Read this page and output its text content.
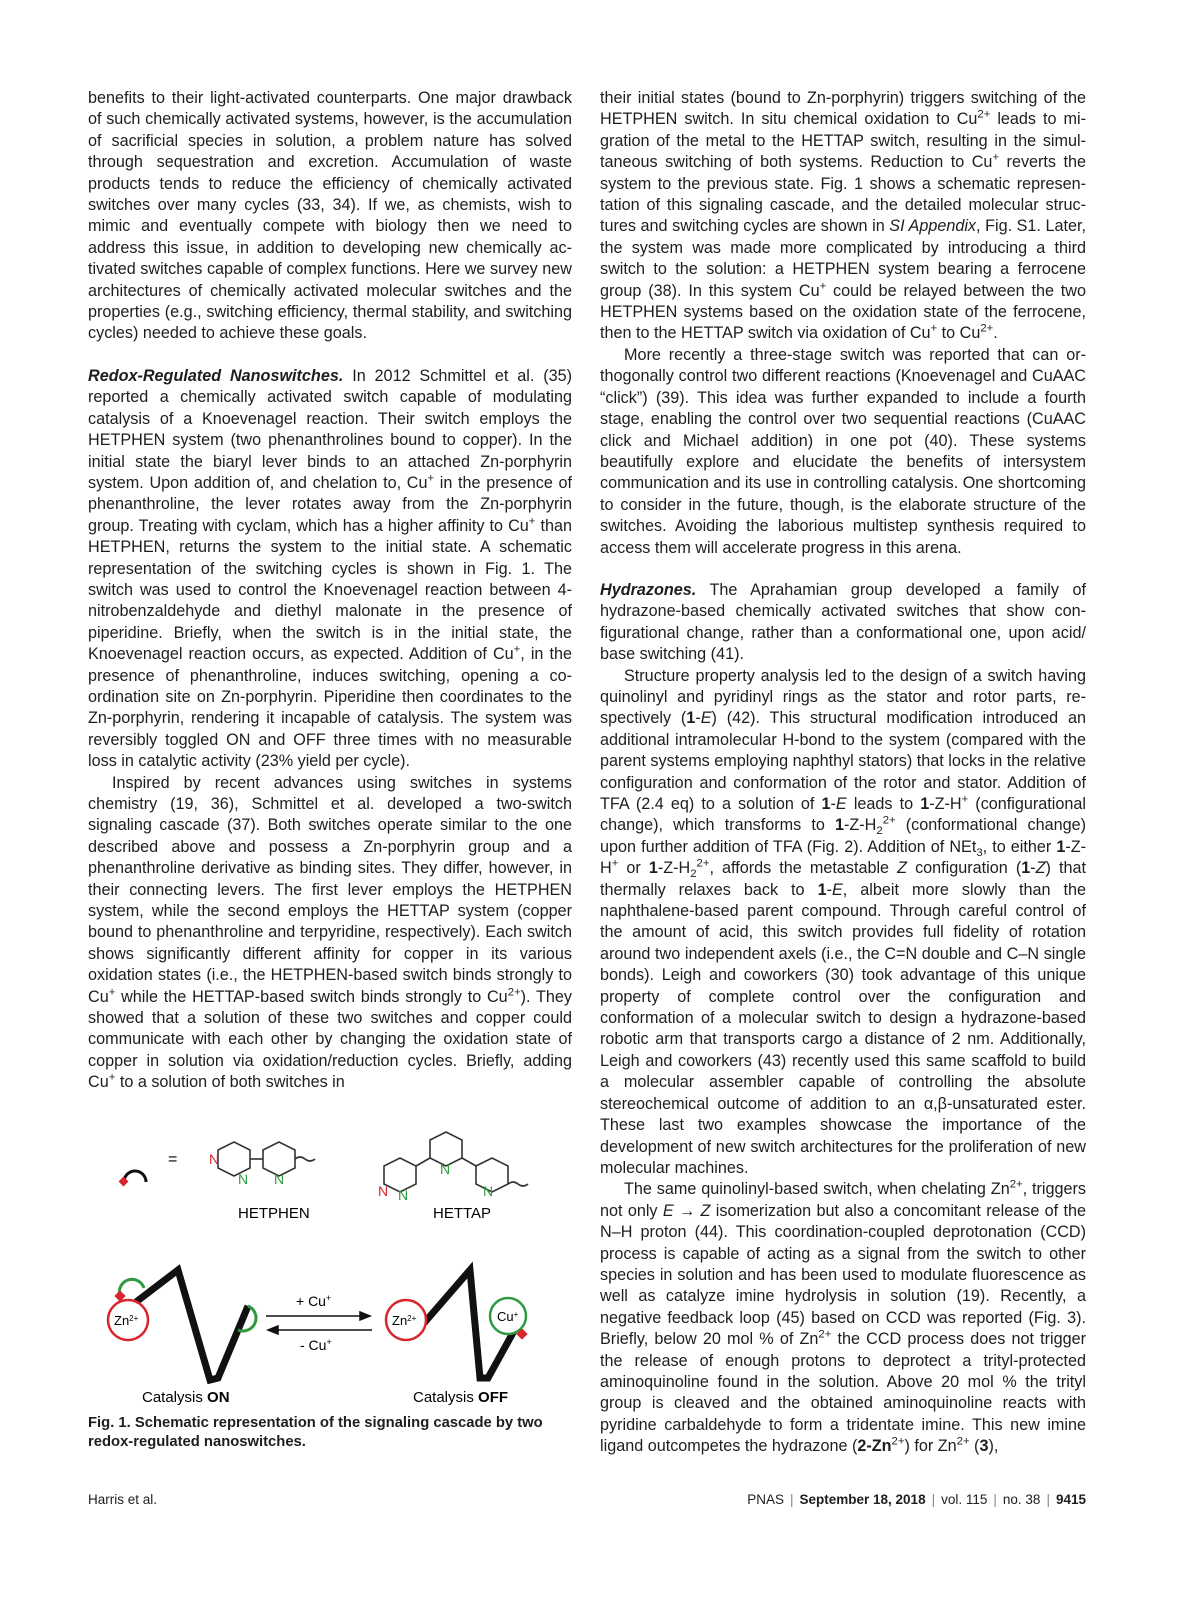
benefits to their light-activated counterparts. One major drawback of such chemically activated systems, however, is the accumulation of sacrificial species in solution, a problem nature has solved through sequestration and excretion. Accumulation of waste products tends to reduce the efficiency of chemically activated switches over many cycles (33, 34). If we, as chemists, wish to mimic and eventually compete with biology then we need to address this issue, in addition to developing new chemically activated switches capable of complex functions. Here we survey new architectures of chemically activated molecular switches and the properties (e.g., switching efficiency, thermal stability, and switching cycles) needed to achieve these goals.

Redox-Regulated Nanoswitches. In 2012 Schmittel et al. (35) reported a chemically activated switch capable of modulating catalysis of a Knoevenagel reaction. Their switch employs the HETPHEN system (two phenanthrolines bound to copper). In the initial state the biaryl lever binds to an attached Zn-porphyrin system. Upon addition of, and chelation to, Cu+ in the presence of phenanthroline, the lever rotates away from the Zn-porphyrin group. Treating with cyclam, which has a higher affinity to Cu+ than HETPHEN, returns the system to the initial state. A schematic representation of the switching cycles is shown in Fig. 1. The switch was used to control the Knoevenagel reaction between 4-nitrobenzaldehyde and diethyl malonate in the presence of piperidine. Briefly, when the switch is in the initial state, the Knoevenagel reaction occurs, as expected. Addition of Cu+, in the presence of phenanthroline, induces switching, opening a coordination site on Zn-porphyrin. Piperidine then coordinates to the Zn-porphyrin, rendering it incapable of catalysis. The system was reversibly toggled ON and OFF three times with no measurable loss in catalytic activity (23% yield per cycle).

Inspired by recent advances using switches in systems chemistry (19, 36), Schmittel et al. developed a two-switch signaling cascade (37). Both switches operate similar to the one described above and possess a Zn-porphyrin group and a phenanthroline derivative as binding sites. They differ, however, in their connecting levers. The first lever employs the HETPHEN system, while the second employs the HETTAP system (copper bound to phenanthroline and terpyridine, respectively). Each switch shows significantly different affinity for copper in its various oxidation states (i.e., the HETPHEN-based switch binds strongly to Cu+ while the HETTAP-based switch binds strongly to $Cu^{2+}$). They showed that a solution of these two switches and copper could communicate with each other by changing the oxidation state of copper in solution via oxidation/reduction cycles. Briefly, adding Cu+ to a solution of both switches in

= N
N N
HETPHEN
N N
N
N
HETTAP
$Zn^{2+}$
Catalysis ON
+ Cu+
- Cu+
$Zn^{2+}$	Cu+
Catalysis OFF
Fig. 1. Schematic representation of the signaling cascade by two redox-regulated nanoswitches.

their initial states (bound to Zn-porphyrin) triggers switching of the HETPHEN switch. In situ chemical oxidation to $Cu^{2+}$ leads to migration of the metal to the HETTAP switch, resulting in the simultaneous switching of both systems. Reduction to Cu+ reverts the system to the previous state. Fig. 1 shows a schematic representation of this signaling cascade, and the detailed molecular structures and switching cycles are shown in SI Appendix, Fig. S1. Later, the system was made more complicated by introducing a third switch to the solution: a HETPHEN system bearing a ferrocene group (38). In this system Cu+ could be relayed between the two HETPHEN systems based on the oxidation state of the ferrocene, then to the HETTAP switch via oxidation of Cu+ to $Cu^{2+}$.

More recently a three-stage switch was reported that can orthogonally control two different reactions (Knoevenagel and CuAAC “click”) (39). This idea was further expanded to include a fourth stage, enabling the control over two sequential reactions (CuAAC click and Michael addition) in one pot (40). These systems beautifully explore and elucidate the benefits of intersystem communication and its use in controlling catalysis. One shortcoming to consider in the future, though, is the elaborate structure of the switches. Avoiding the laborious multistep synthesis required to access them will accelerate progress in this arena.

Hydrazones. The Aprahamian group developed a family of hydrazone-based chemically activated switches that show configurational change, rather than a conformational one, upon acid/ base switching (41).

Structure property analysis led to the design of a switch having quinolinyl and pyridinyl rings as the stator and rotor parts, respectively (1-E) (42). This structural modification introduced an additional intramolecular H-bond to the system (compared with the parent systems employing naphthyl stators) that locks in the relative configuration and conformation of the rotor and stator. Addition of TFA (2.4 eq) to a solution of 1-E leads to 1-Z-H+ (configurational change), which transforms to $1-Z-H_2^{2+}$ (conformational change) upon further addition of TFA (Fig. 2). Addition of NEt$_3$, to either 1-Z-H+ or $1-Z-H_2^{2+}$, affords the metastable Z configuration (1-Z) that thermally relaxes back to 1-E, albeit more slowly than the naphthalene-based parent compound. Through careful control of the amount of acid, this switch provides full fidelity of rotation around two independent axels (i.e., the C=N double and C–N single bonds). Leigh and coworkers (30) took advantage of this unique property of complete control over the configuration and conformation of a molecular switch to design a hydrazone-based robotic arm that transports cargo a distance of 2 nm. Additionally, Leigh and coworkers (43) recently used this same scaffold to build a molecular assembler capable of controlling the absolute stereochemical outcome of addition to an α,β-unsaturated ester. These last two examples showcase the importance of the development of new switch architectures for the proliferation of new molecular machines.

The same quinolinyl-based switch, when chelating $Zn^{2+}$, triggers not only E → Z isomerization but also a concomitant release of the N–H proton (44). This coordination-coupled deprotonation (CCD) process is capable of acting as a signal from the switch to other species in solution and has been used to modulate fluorescence as well as catalyze imine hydrolysis in solution (19). Recently, a negative feedback loop (45) based on CCD was reported (Fig. 3). Briefly, below 20 mol % of $Zn^{2+}$ the CCD process does not trigger the release of enough protons to deprotect a trityl-protected aminoquinoline found in the solution. Above 20 mol % the trityl group is cleaved and the obtained aminoquinoline reacts with pyridine carbaldehyde to form a tridentate imine. This new imine ligand outcompetes the hydrazone $(2-Zn^{2+})$ for $Zn^{2+}$ (3),

Harris et al.	PNAS | September 18, 2018 | vol. 115 | no. 38 | 9415
